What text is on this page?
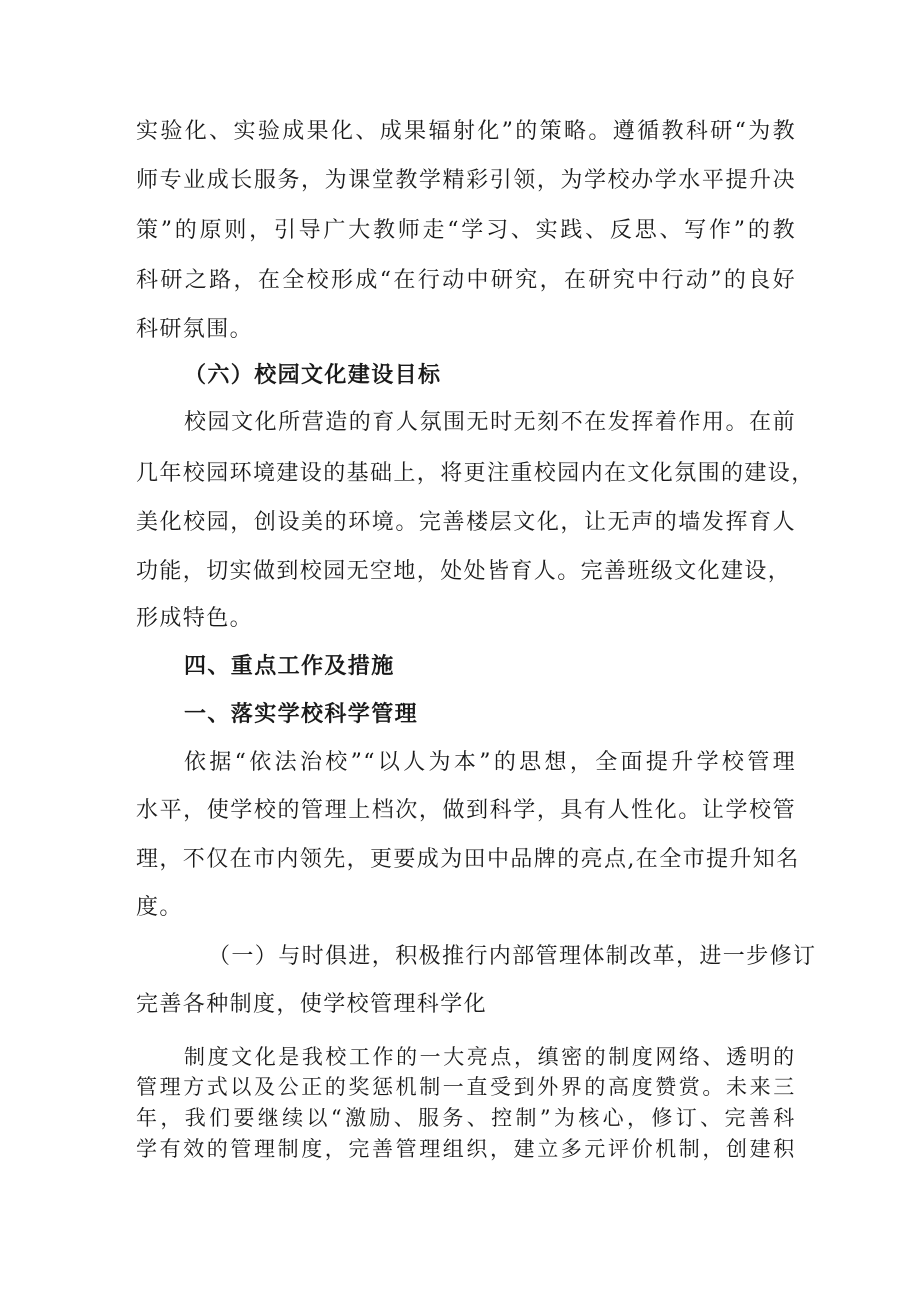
实验化、实验成果化、成果辐射化”的策略。遵循教科研“为教
师专业成长服务，为课堂教学精彩引领，为学校办学水平提升决
策”的原则，引导广大教师走“学习、实践、反思、写作”的教
科研之路，在全校形成“在行动中研究，在研究中行动”的良好
科研氛围。
（六）校园文化建设目标
校园文化所营造的育人氛围无时无刻不在发挥着作用。在前
几年校园环境建设的基础上，将更注重校园内在文化氛围的建设，
美化校园，创设美的环境。完善楼层文化，让无声的墙发挥育人
功能，切实做到校园无空地，处处皆育人。完善班级文化建设，
形成特色。
四、重点工作及措施
一、落实学校科学管理
依据“依法治校”“以人为本”的思想，全面提升学校管理
水平，使学校的管理上档次，做到科学，具有人性化。让学校管
理，不仅在市内领先，更要成为田中品牌的亮点,在全市提升知名
度。
（一）与时俱进，积极推行内部管理体制改革，进一步修订
完善各种制度，使学校管理科学化
制度文化是我校工作的一大亮点，缜密的制度网络、透明的
管理方式以及公正的奖惩机制一直受到外界的高度赞赏。未来三
年，我们要继续以“激励、服务、控制”为核心，修订、完善科
学有效的管理制度，完善管理组织，建立多元评价机制，创建积
